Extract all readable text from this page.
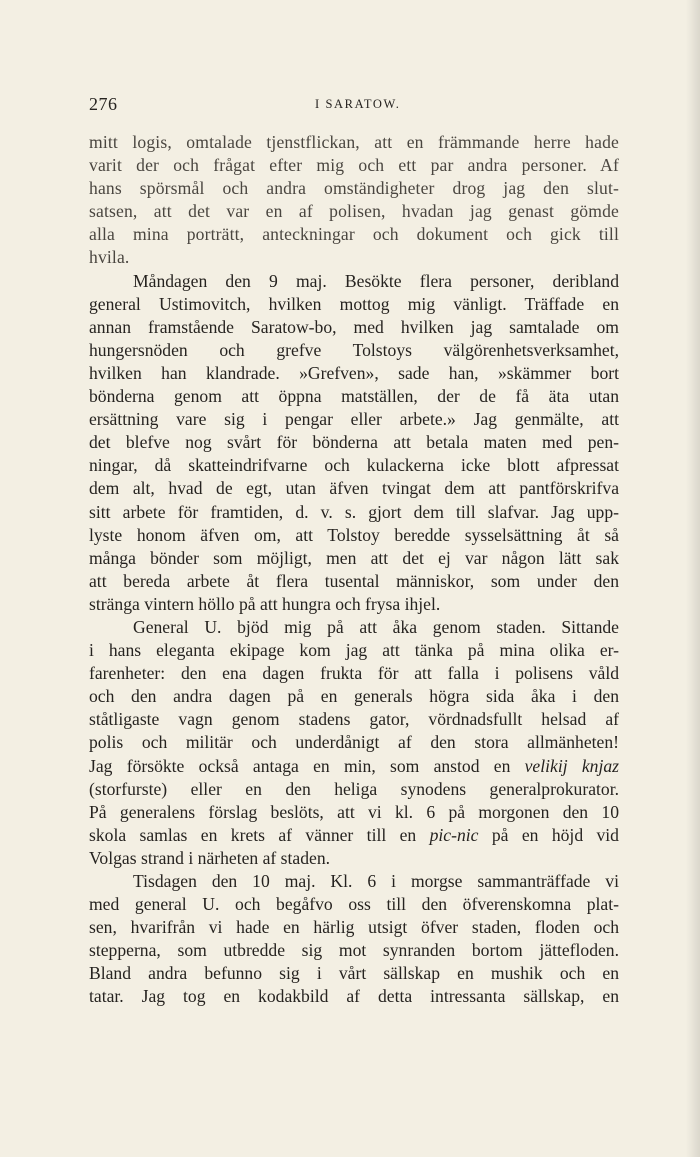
276	I SARATOW.
mitt logis, omtalade tjenstflickan, att en främmande herre hade
varit der och frågat efter mig och ett par andra personer. Af
hans spörsmål och andra omständigheter drog jag den slut-
satsen, att det var en af polisen, hvadan jag genast gömde
alla mina porträtt, anteckningar och dokument och gick till
hvila.
Måndagen den 9 maj. Besökte flera personer, deribland
general Ustimovitch, hvilken mottog mig vänligt. Träffade en
annan framstående Saratow-bo, med hvilken jag samtalade om
hungersnöden och grefve Tolstoys välgörenhetsverksamhet,
hvilken han klandrade. »Grefven», sade han, »skämmer bort
bönderna genom att öppna matställen, der de få äta utan
ersättning vare sig i pengar eller arbete.» Jag genmälte, att
det blefve nog svårt för bönderna att betala maten med pen-
ningar, då skatteindrifvarne och kulackerna icke blott afpressat
dem alt, hvad de egt, utan äfven tvingat dem att pantförskrifva
sitt arbete för framtiden, d. v. s. gjort dem till slafvar. Jag upp-
lyste honom äfven om, att Tolstoy beredde sysselsättning åt så
många bönder som möjligt, men att det ej var någon lätt sak
att bereda arbete åt flera tusental människor, som under den
stränga vintern höllo på att hungra och frysa ihjel.
General U. bjöd mig på att åka genom staden. Sittande
i hans eleganta ekipage kom jag att tänka på mina olika er-
farenheter: den ena dagen frukta för att falla i polisens våld
och den andra dagen på en generals högra sida åka i den
ståtligaste vagn genom stadens gator, vördnadsfullt helsad af
polis och militär och underdånigt af den stora allmänheten!
Jag försökte också antaga en min, som anstod en velikij knjaz
(storfurste) eller en den heliga synodens generalprokurator.
På generalens förslag beslöts, att vi kl. 6 på morgonen den 10
skola samlas en krets af vänner till en pic-nic på en höjd vid
Volgas strand i närheten af staden.
Tisdagen den 10 maj. Kl. 6 i morgse sammanträffade vi
med general U. och begåfvo oss till den öfverenskomna plat-
sen, hvarifrån vi hade en härlig utsigt öfver staden, floden och
stepperna, som utbredde sig mot synranden bortom jättefloden.
Bland andra befunno sig i vårt sällskap en mushik och en
tatar. Jag tog en kodakbild af detta intressanta sällskap, en
